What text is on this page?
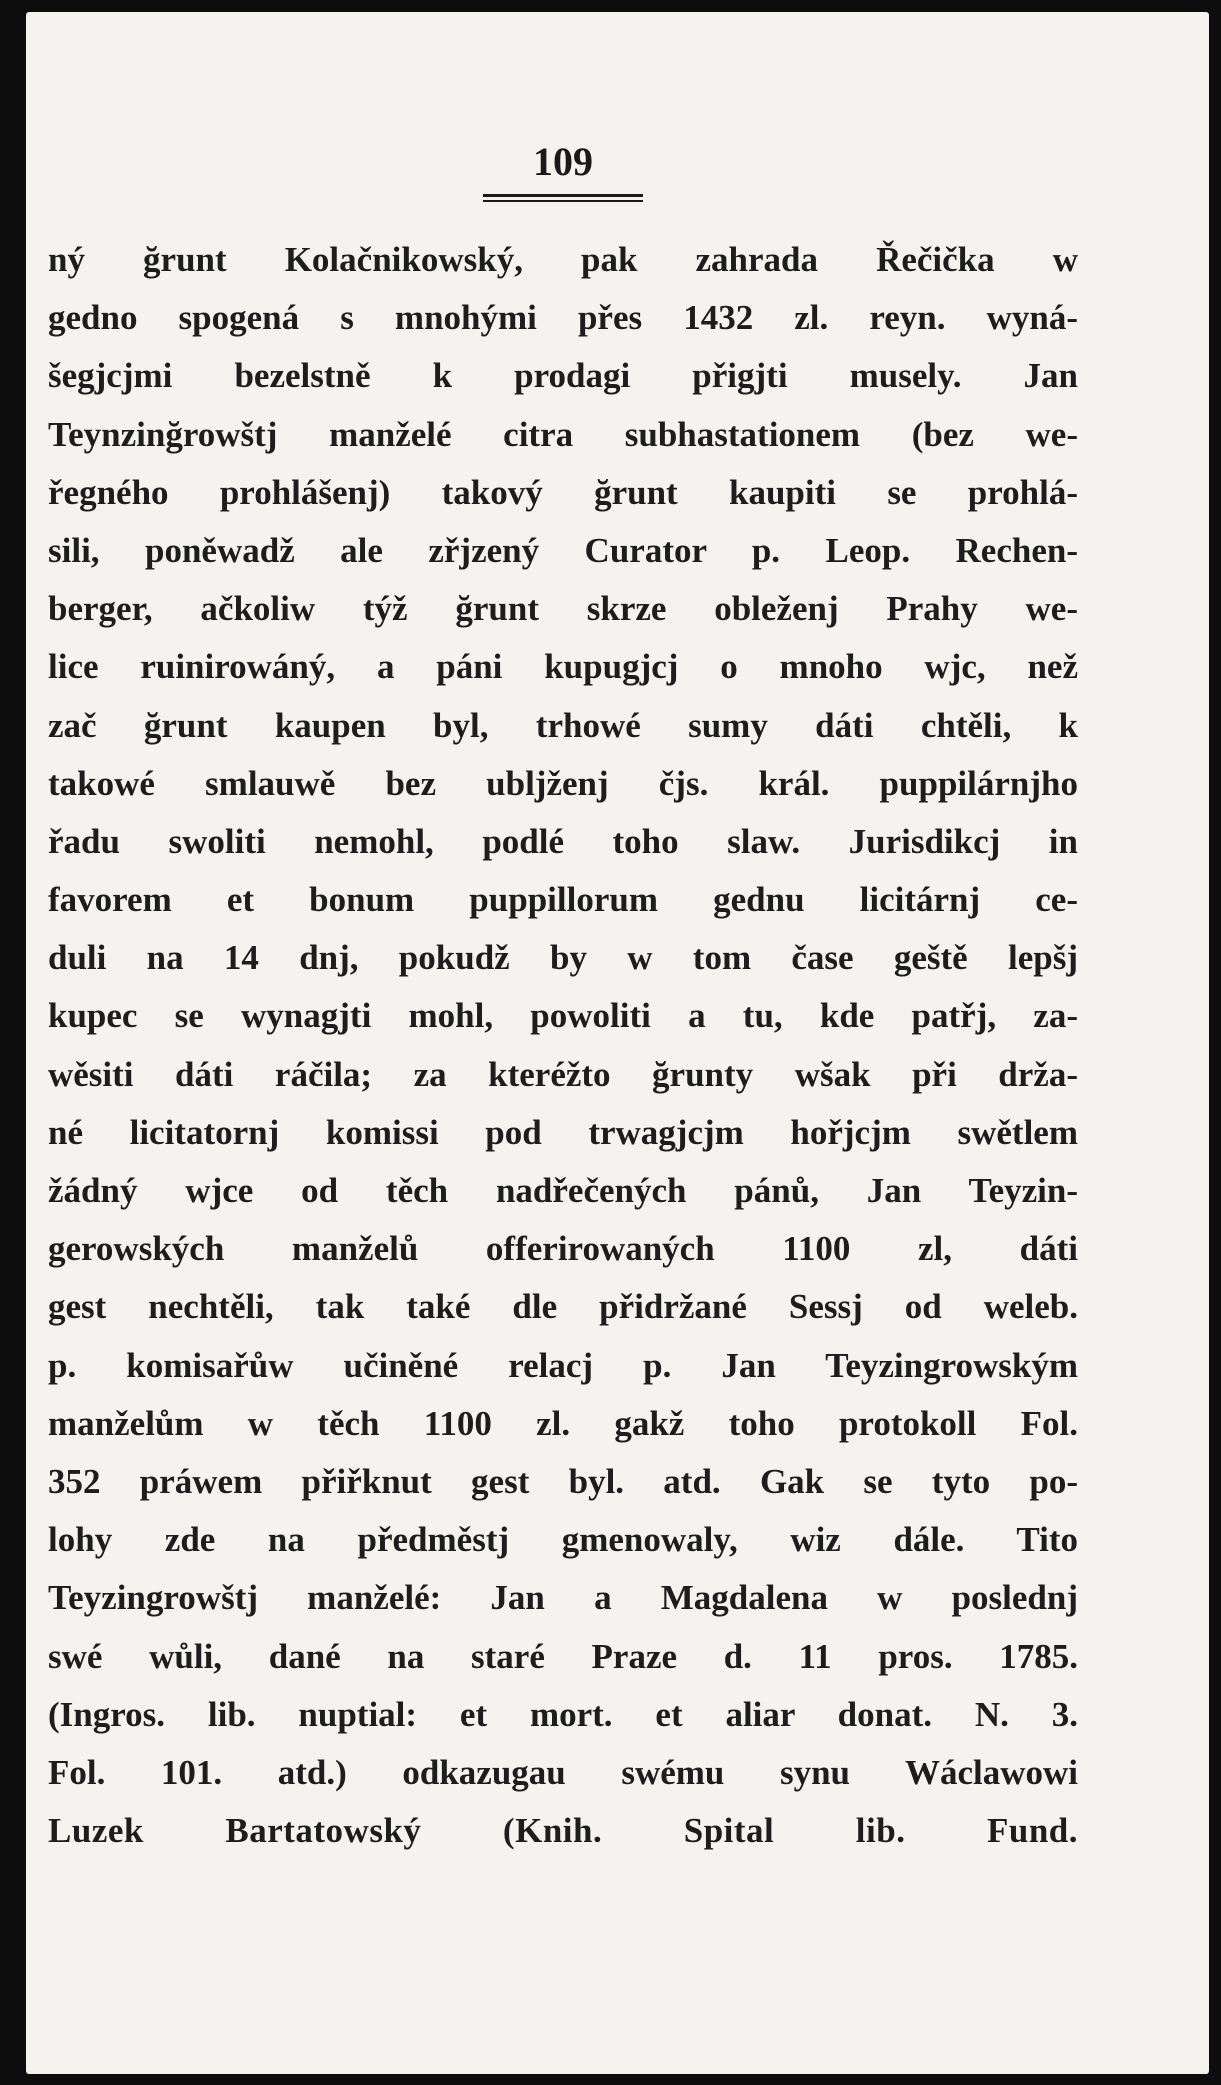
109
ný ğrunt Kolačnikowský, pak zahrada Řečička w
gedno spogená s mnohými přes 1432 zl. reyn. wyná-
šegjcjmi bezelstně k prodagi přigjti musely. Jan
Teynzinğrowštj manželé citra subhastationem (bez we-
řegného prohlášenj) takový ğrunt kaupiti se prohlá-
sili, poněwadž ale zřjzený Curator p. Leop. Rechen-
berger, ačkoliw týž ğrunt skrze obleženj Prahy we-
lice ruinirowáný, a páni kupugjcj o mnoho wjc, než
zač ğrunt kaupen byl, trhowé sumy dáti chtěli, k
takowé smlauwě bez ubljženj čjs. král. puppilárnjho
řadu swoliti nemohl, podlé toho slaw. Jurisdikcj in
favorem et bonum puppillorum gednu licitárnj ce-
duli na 14 dnj, pokudž by w tom čase geště lepšj
kupec se wynagjti mohl, powoliti a tu, kde patřj, za-
wěsiti dáti ráčila; za kteréžto ğrunty wšak při drža-
né licitatornj komissi pod trwagjcjm hořjcjm swětlem
žádný wjce od těch nadřečených pánů, Jan Teyzin-
gerowských manželů offerirowaných 1100 zl, dáti
gest nechtěli, tak také dle přidržané Sessj od weleb.
p. komisařůw učiněné relacj p. Jan Teyzingrowským
manželům w těch 1100 zl. gakž toho protokoll Fol.
352 práwem přiřknut gest byl. atd. Gak se tyto po-
lohy zde na předměstj gmenowaly, wiz dále. Tito
Teyzingrowštj manželé: Jan a Magdalena w poslednj
swé wůli, dané na staré Praze d. 11 pros. 1785.
(Ingros. lib. nuptial: et mort. et aliar donat. N. 3.
Fol. 101. atd.) odkazugau swému synu Wáclawowi
Luzek Bartatowský (Knih. Spital lib. Fund.
